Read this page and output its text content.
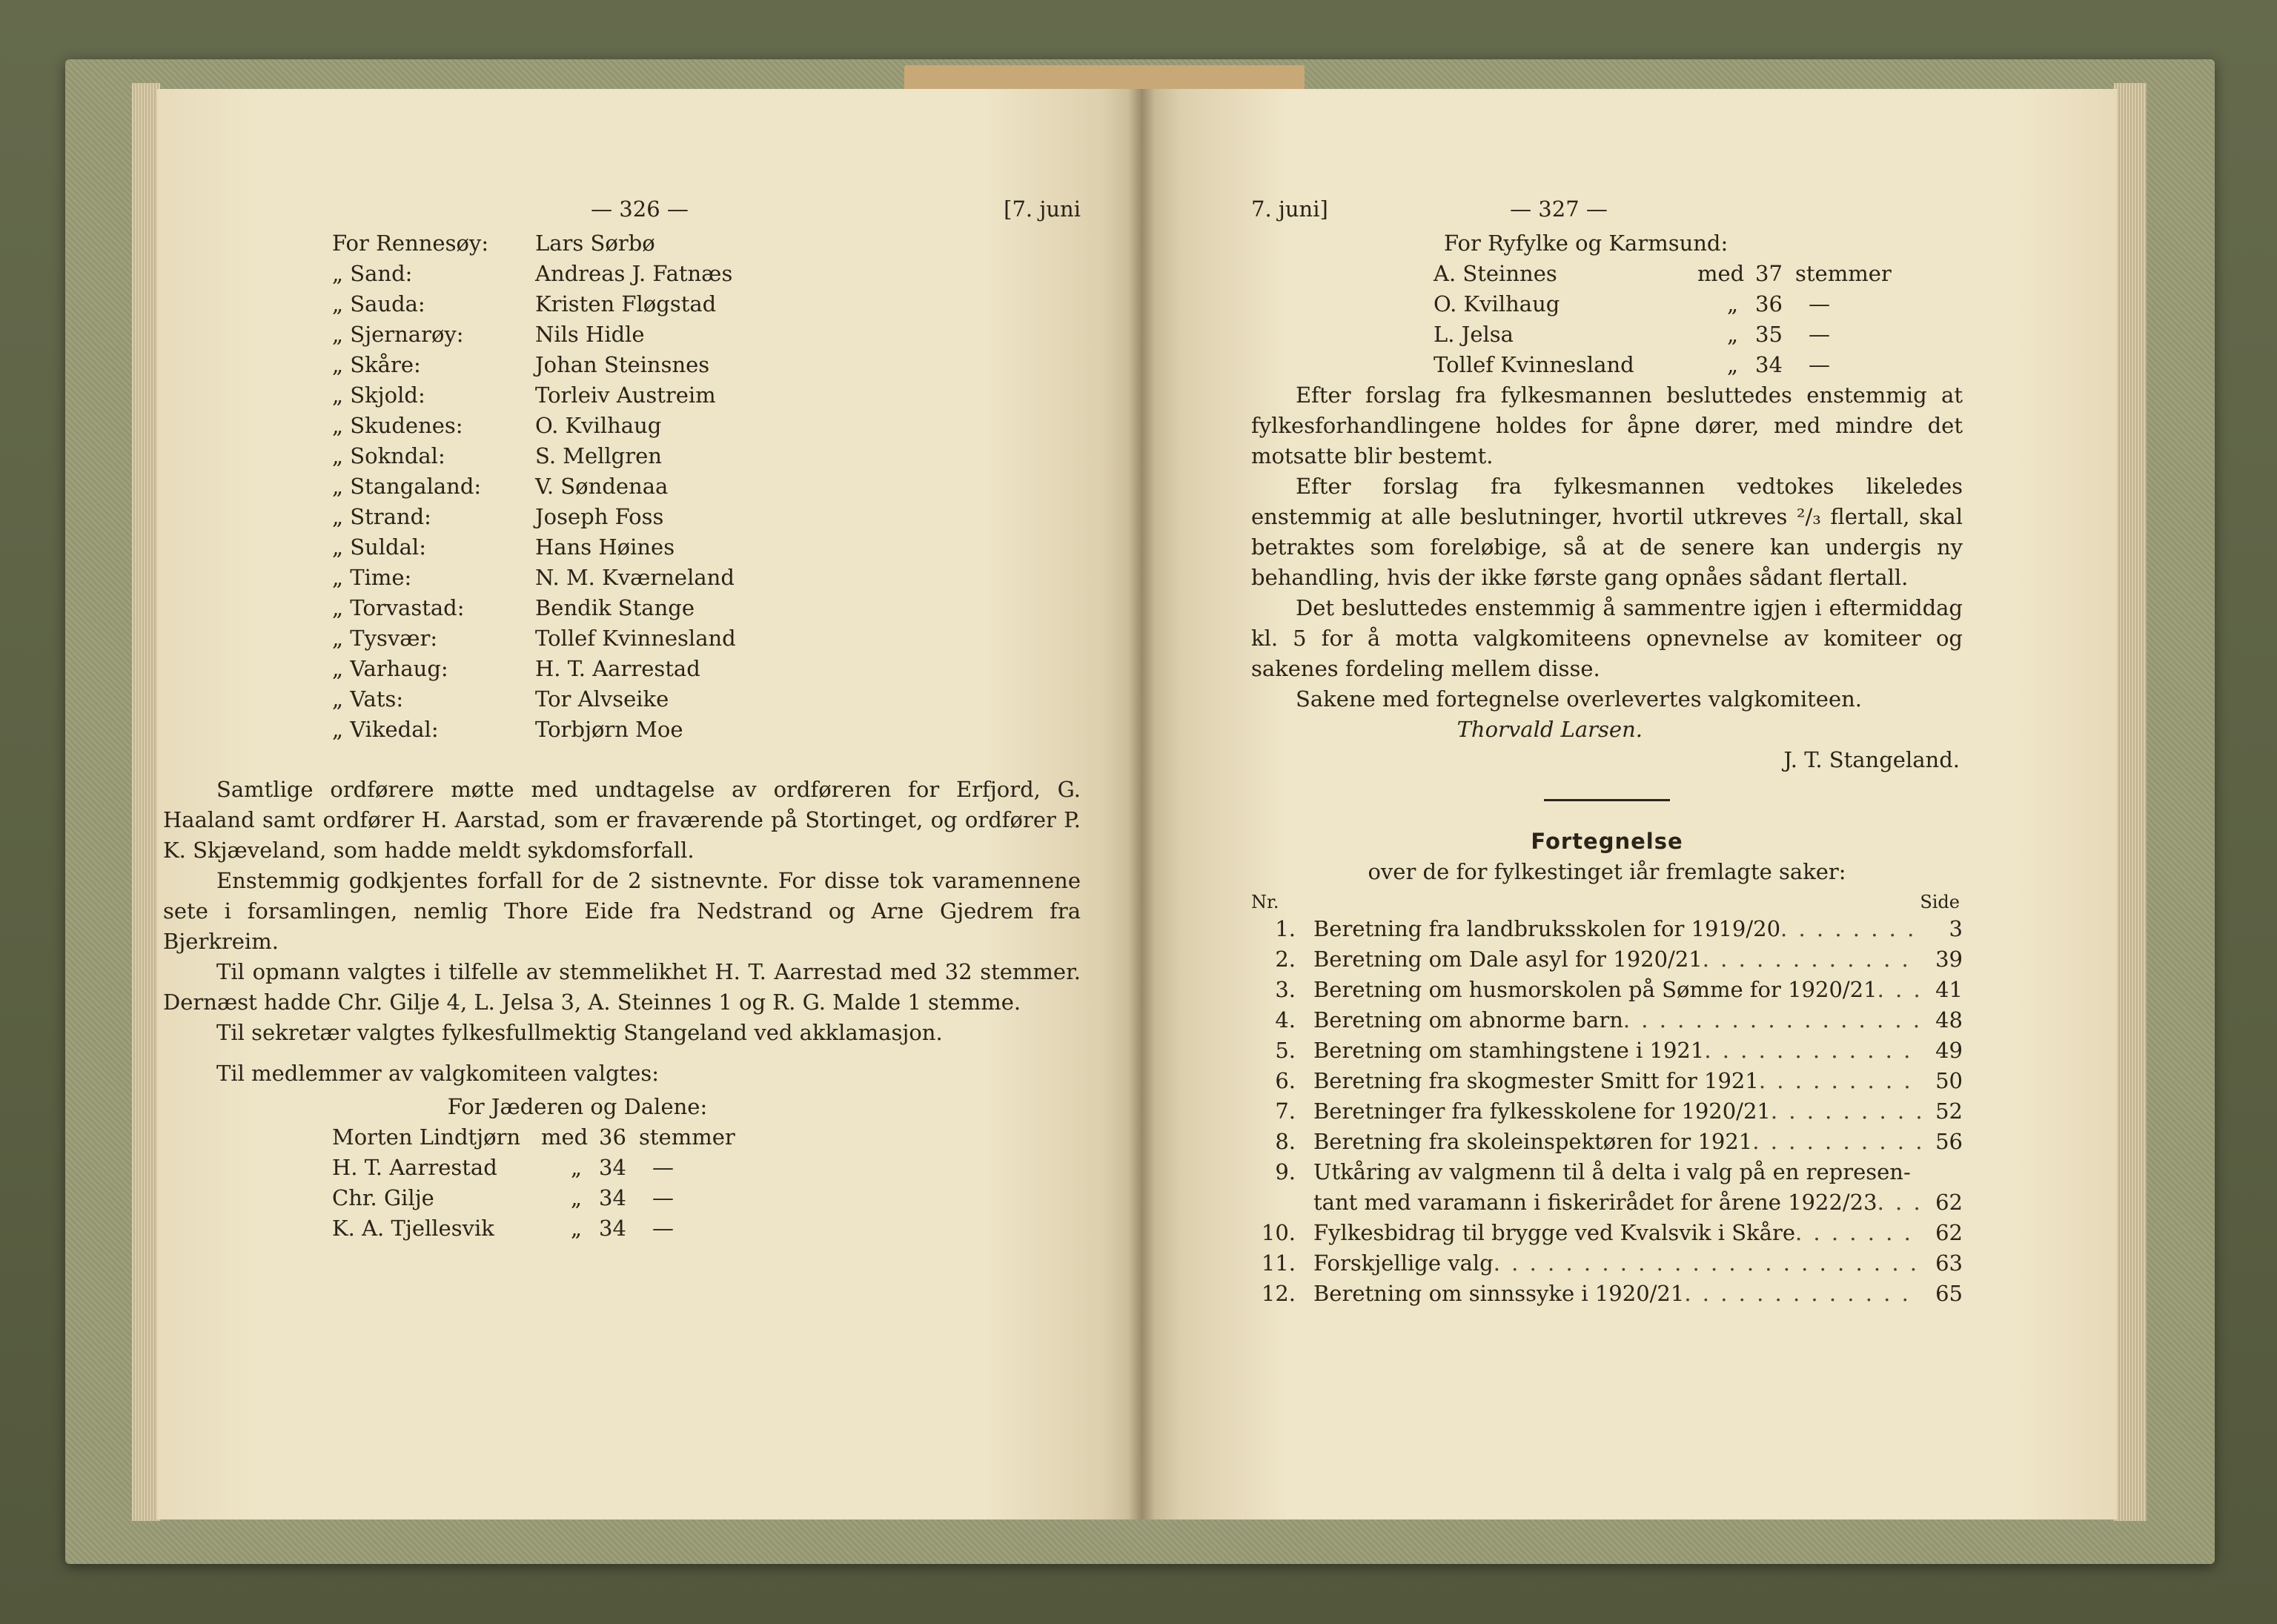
— 326 —	[7. juni
For Rennesøy: Lars Sørbø
„ Sand:	Andreas J. Fatnæs
„ Sauda:	Kristen Fløgstad
„ Sjernarøy:	Nils Hidle
„ Skåre:	Johan Steinsnes
„ Skjold:	Torleiv Austreim
„ Skudenes:	O. Kvilhaug
„ Sokndal:	S. Mellgren
„ Stangaland:	V. Søndenaa
„ Strand:	Joseph Foss
„ Suldal:	Hans Høines
„ Time:	N. M. Kværneland
„ Torvastad:	Bendik Stange
„ Tysvær:	Tollef Kvinnesland
„ Varhaug:	H. T. Aarrestad
„ Vats:	Tor Alvseike
„ Vikedal:	Torbjørn Moe

Samtlige ordførere møtte med undtagelse av ordføreren for Erfjord, G. Haaland samt ordfører H. Aarstad, som er fraværende på Stortinget, og ordfører P. K. Skjæveland, som hadde meldt sykdomsforfall.

Enstemmig godkjentes forfall for de 2 sistnevnte. For disse tok varamennene sete i forsamlingen, nemlig Thore Eide fra Nedstrand og Arne Gjedrem fra Bjerkreim.

Til opmann valgtes i tilfelle av stemmelikhet H. T. Aarrestad med 32 stemmer. Dernæst hadde Chr. Gilje 4, L. Jelsa 3, A. Steinnes 1 og R. G. Malde 1 stemme.

Til sekretær valgtes fylkesfullmektig Stangeland ved akklamasjon.

Til medlemmer av valgkomiteen valgtes:

For Jæderen og Dalene:
Morten Lindtjørn med 36 stemmer
H. T. Aarrestad	„ 34 —
Chr. Gilje	„ 34 —
K. A. Tjellesvik	„ 34 —
7. juni]	— 327 —
For Ryfylke og Karmsund:
A. Steinnes	med 37 stemmer
O. Kvilhaug	„ 36 —
L. Jelsa	„ 35 —
Tollef Kvinnesland	„ 34 —

Efter forslag fra fylkesmannen besluttedes enstemmig at fylkesforhandlingene holdes for åpne dører, med mindre det motsatte blir bestemt.

Efter forslag fra fylkesmannen vedtokes likeledes enstemmig at alle beslutninger, hvortil utkreves ²/₃ flertall, skal betraktes som foreløbige, så at de senere kan undergis ny behandling, hvis der ikke første gang opnåes sådant flertall.

Det besluttedes enstemmig å sammentre igjen i eftermiddag kl. 5 for å motta valgkomiteens opnevnelse av komiteer og sakenes fordeling mellem disse.

Sakene med fortegnelse overlevertes valgkomiteen.

Thorvald Larsen.
J. T. Stangeland.
Fortegnelse
over de for fylkestinget iår fremlagte saker:
Nr.	Side
1. Beretning fra landbruksskolen for 1919/20 . . .	3
2. Beretning om Dale asyl for 1920/21 . . .	39
3. Beretning om husmorskolen på Sømme for 1920/21 . . .	41
4. Beretning om abnorme barn . . .	48
5. Beretning om stamhingstene i 1921 . . .	49
6. Beretning fra skogmester Smitt for 1921 . . .	50
7. Beretninger fra fylkesskolene for 1920/21 . . .	52
8. Beretning fra skoleinspektøren for 1921 . . .	56
9. Utkåring av valgmenn til å delta i valg på en represen-
tant med varamann i fiskerirådet for årene 1922/23 . . .	62
10. Fylkesbidrag til brygge ved Kvalsvik i Skåre . . .	62
11. Forskjellige valg . . .	63
12. Beretning om sinnssyke i 1920/21 . . .	65
